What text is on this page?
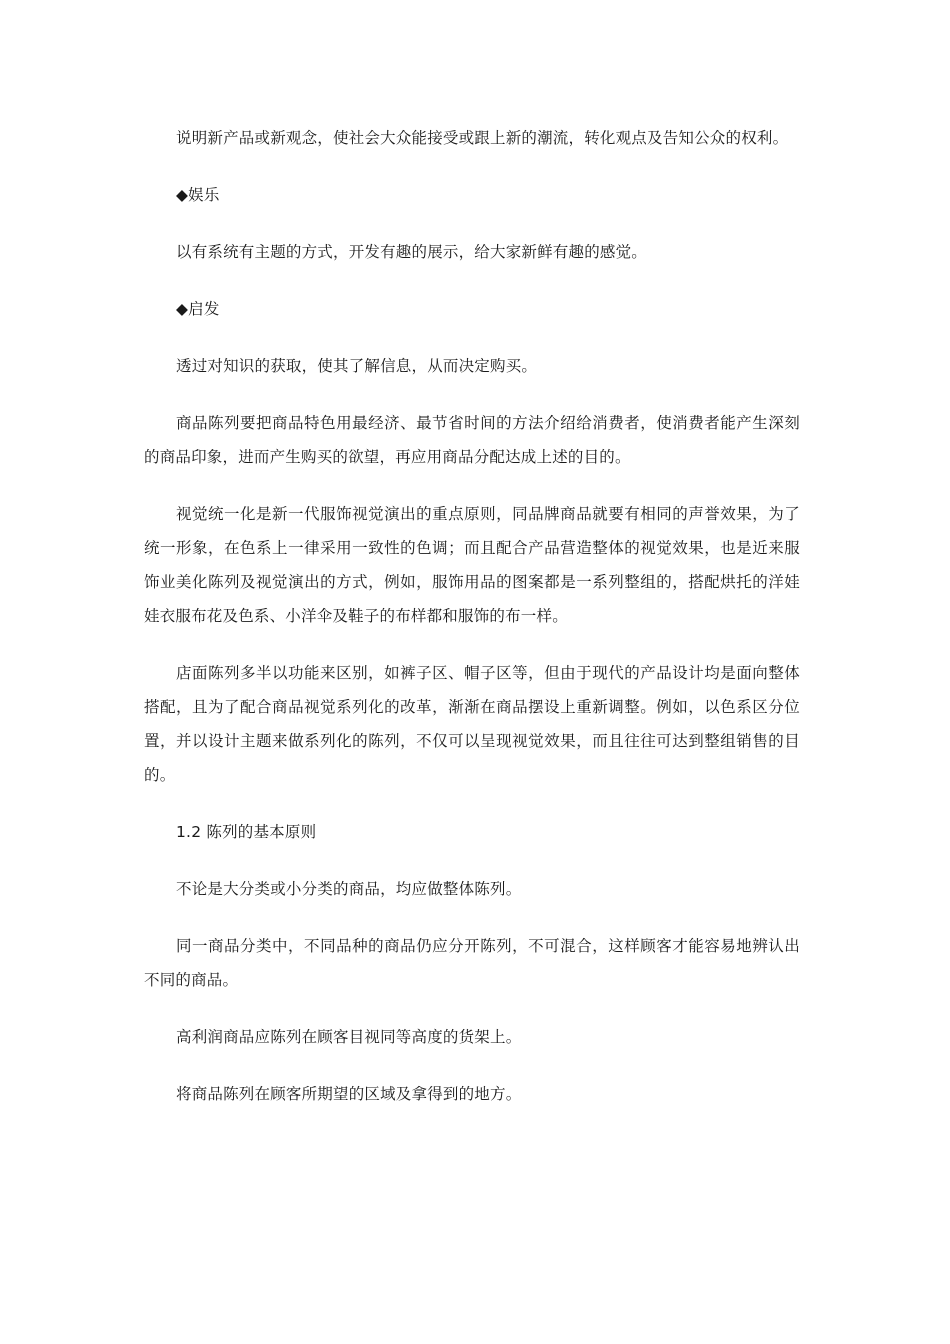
说明新产品或新观念，使社会大众能接受或跟上新的潮流，转化观点及告知公众的权利。

◆娱乐

以有系统有主题的方式，开发有趣的展示，给大家新鲜有趣的感觉。

◆启发

透过对知识的获取，使其了解信息，从而决定购买。

商品陈列要把商品特色用最经济、最节省时间的方法介绍给消费者，使消费者能产生深刻的商品印象，进而产生购买的欲望，再应用商品分配达成上述的目的。

视觉统一化是新一代服饰视觉演出的重点原则，同品牌商品就要有相同的声誉效果，为了统一形象，在色系上一律采用一致性的色调；而且配合产品营造整体的视觉效果，也是近来服饰业美化陈列及视觉演出的方式，例如，服饰用品的图案都是一系列整组的，搭配烘托的洋娃娃衣服布花及色系、小洋伞及鞋子的布样都和服饰的布一样。

店面陈列多半以功能来区别，如裤子区、帽子区等，但由于现代的产品设计均是面向整体搭配，且为了配合商品视觉系列化的改革，渐渐在商品摆设上重新调整。例如，以色系区分位置，并以设计主题来做系列化的陈列，不仅可以呈现视觉效果，而且往往可达到整组销售的目的。

1.2 陈列的基本原则

不论是大分类或小分类的商品，均应做整体陈列。

同一商品分类中，不同品种的商品仍应分开陈列，不可混合，这样顾客才能容易地辨认出不同的商品。

高利润商品应陈列在顾客目视同等高度的货架上。

将商品陈列在顾客所期望的区域及拿得到的地方。
